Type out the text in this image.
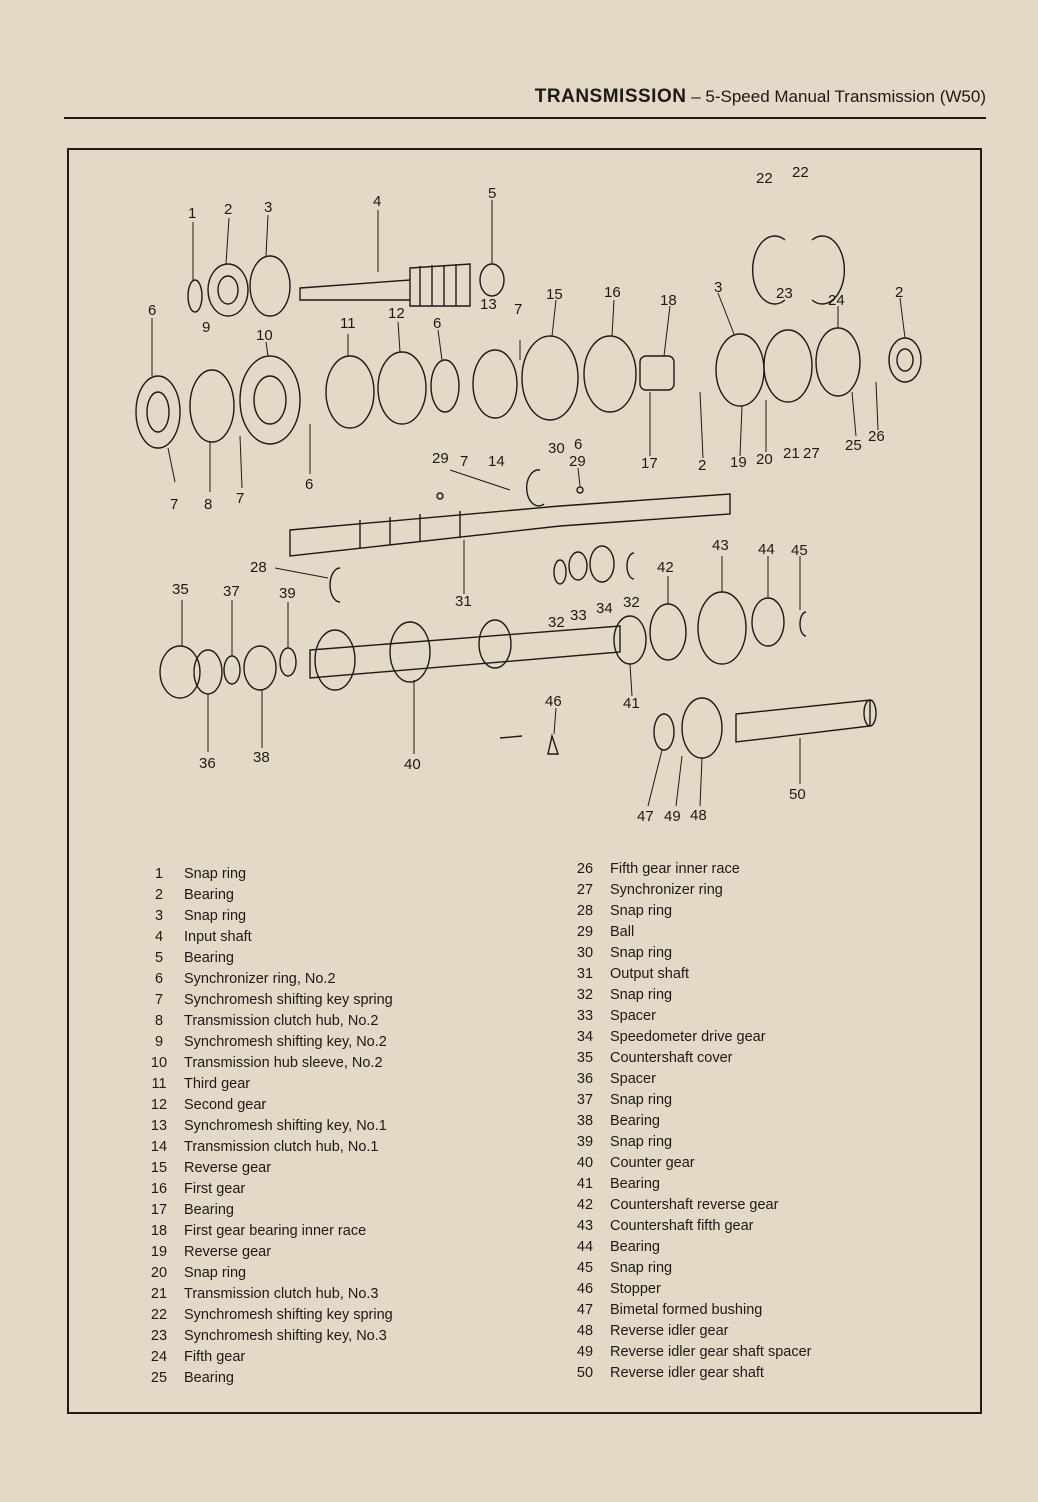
TRANSMISSION – 5-Speed Manual Transmission (W50)
1 2 3	4	5
6
9	10
11
12
6
13 7
15	16	18
3
22 22
23 24	2
7 8 7
6
29 7 14
30 6
29	17	2 19 20 21 27 25
26
28
31
32 33 34 32
35 37	39
36 38	40
41
42
43 44 45
46
50
47 49 48
1 Snap ring
2 Bearing
3 Snap ring
4 Input shaft
5 Bearing
6 Synchronizer ring, No.2
7 Synchromesh shifting key spring
8 Transmission clutch hub, No.2
9 Synchromesh shifting key, No.2
10 Transmission hub sleeve, No.2
11 Third gear
12 Second gear
13 Synchromesh shifting key, No.1
14 Transmission clutch hub, No.1
15 Reverse gear
16 First gear
17 Bearing
18 First gear bearing inner race
19 Reverse gear
20 Snap ring
21 Transmission clutch hub, No.3
22 Synchromesh shifting key spring
23 Synchromesh shifting key, No.3
24 Fifth gear
25 Bearing
26 Fifth gear inner race
27 Synchronizer ring
28 Snap ring
29 Ball
30 Snap ring
31 Output shaft
32 Snap ring
33 Spacer
34 Speedometer drive gear
35 Countershaft cover
36 Spacer
37 Snap ring
38 Bearing
39 Snap ring
40 Counter gear
41 Bearing
42 Countershaft reverse gear
43 Countershaft fifth gear
44 Bearing
45 Snap ring
46 Stopper
47 Bimetal formed bushing
48 Reverse idler gear
49 Reverse idler gear shaft spacer
50 Reverse idler gear shaft
